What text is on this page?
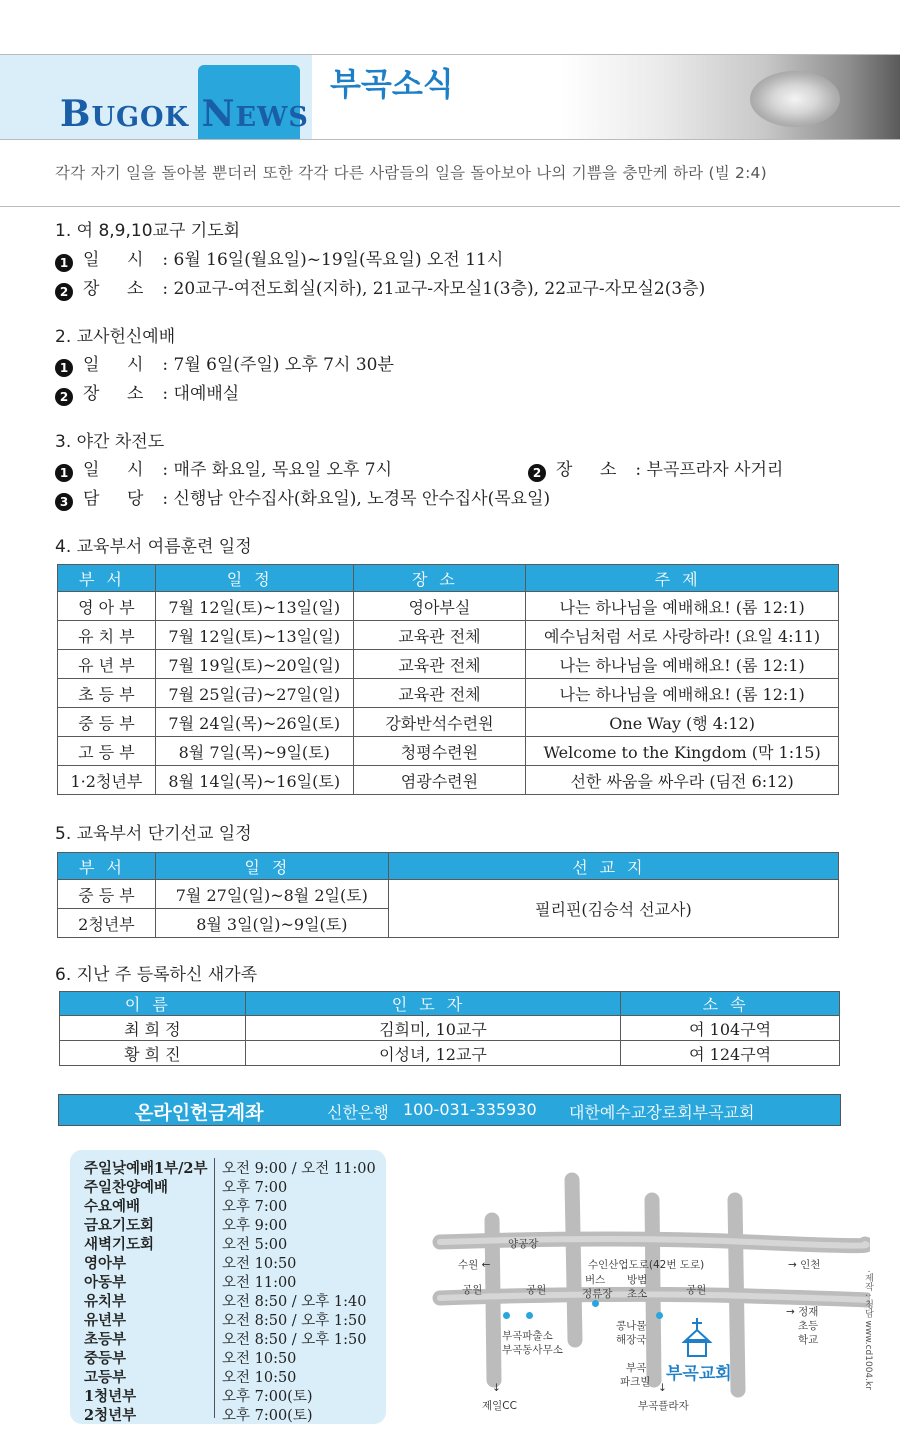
BUGOK NEWS
부곡소식
각각 자기 일을 돌아볼 뿐더러 또한 각각 다른 사람들의 일을 돌아보아 나의 기쁨을 충만케 하라 (빌 2:4)
1. 여 8,9,10교구 기도회
1 일 시 : 6월 16일(월요일)~19일(목요일) 오전 11시
2 장 소 : 20교구-여전도회실(지하), 21교구-자모실1(3층), 22교구-자모실2(3층)
2. 교사헌신예배
1 일 시 : 7월 6일(주일) 오후 7시 30분
2 장 소 : 대예배실
3. 야간 차전도
1 일 시 : 매주 화요일, 목요일 오후 7시	2 장 소 : 부곡프라자 사거리
3 담 당 : 신행남 안수집사(화요일), 노경목 안수집사(목요일)
4. 교육부서 여름훈련 일정
부서	일정	장소	주제
영 아 부	7월 12일(토)~13일(일)	영아부실	나는 하나님을 예배해요! (롬 12:1)
유 치 부	7월 12일(토)~13일(일)	교육관 전체	예수님처럼 서로 사랑하라! (요일 4:11)
유 년 부	7월 19일(토)~20일(일)	교육관 전체	나는 하나님을 예배해요! (롬 12:1)
초 등 부	7월 25일(금)~27일(일)	교육관 전체	나는 하나님을 예배해요! (롬 12:1)
중 등 부	7월 24일(목)~26일(토)	강화반석수련원	One Way (행 4:12)
고 등 부	8월 7일(목)~9일(토)	청평수련원	Welcome to the Kingdom (막 1:15)
1·2청년부	8월 14일(목)~16일(토)	염광수련원	선한 싸움을 싸우라 (딤전 6:12)
5. 교육부서 단기선교 일정
부서	일정	선교지
중 등 부	7월 27일(일)~8월 2일(토)	필리핀(김승석 선교사)
2청년부	8월 3일(일)~9일(토)	
6. 지난 주 등록하신 새가족
이름	인도자	소속
최 희 정	김희미, 10교구	여 104구역
황 희 진	이성녀, 12교구	여 124구역
온라인헌금계좌	신한은행 100-031-335930 대한예수교장로회부곡교회
주일낮예배1부/2부 오전 9:00 / 오전 11:00
주일찬양예배	오후 7:00
수요예배	오후 7:00
금요기도회	오후 9:00
새벽기도회	오전 5:00
영아부	오전 10:50
아동부	오전 11:00
유치부	오전 8:50 / 오후 1:40
유년부	오전 8:50 / 오후 1:50
초등부	오전 8:50 / 오후 1:50
중등부	오전 10:50
고등부	오전 10:50
1청년부	오후 7:00(토)
2청년부	오후 7:00(토)
양공장
수원 ←	수인산업도로(42번 도로)	→ 인천
공원	공원
버스
정류장
방범
초소	공원
→ 정재
초등
학교
부곡파출소
부곡동사무소
콩나물
해장국
부곡
파크빌 부곡교회
↓
제일CC
↓
부곡플라자
·제작 : 청담 www.cd1004.kr
